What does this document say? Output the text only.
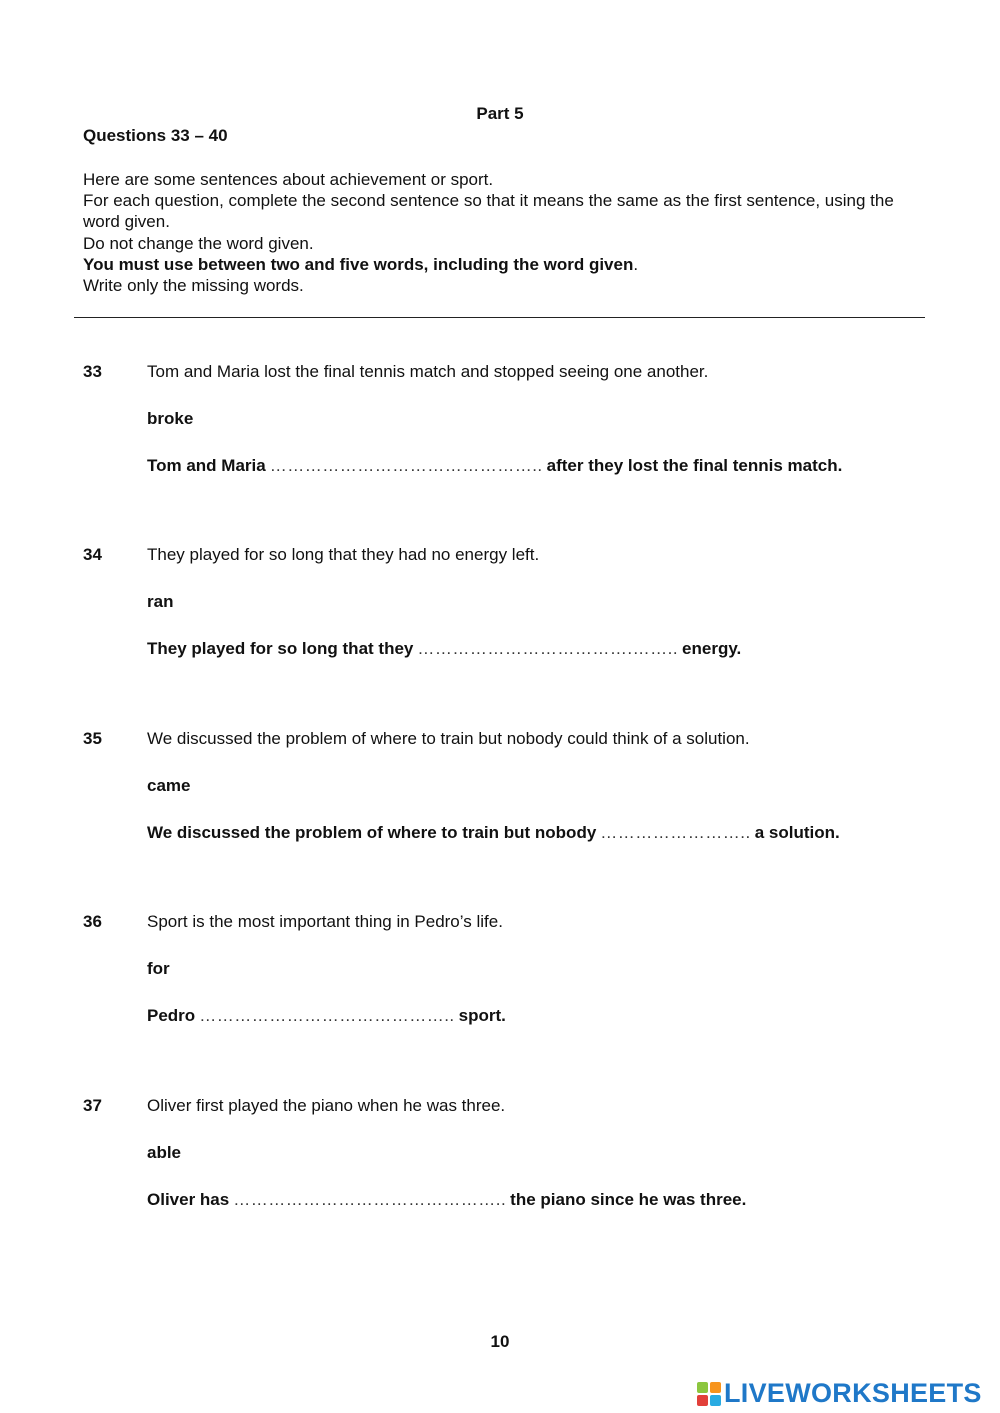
Part 5
Questions 33 – 40
Here are some sentences about achievement or sport.
For each question, complete the second sentence so that it means the same as the first sentence, using the word given.
Do not change the word given.
You must use between two and five words, including the word given.
Write only the missing words.
33	Tom and Maria lost the final tennis match and stopped seeing one another.
broke
Tom and Maria ……………………………………….. after they lost the final tennis match.
34	They played for so long that they had no energy left.
ran
They played for so long that they ……………………………….…….. energy.
35	We discussed the problem of where to train but nobody could think of a solution.
came
We discussed the problem of where to train but nobody …………………….. a solution.
36	Sport is the most important thing in Pedro’s life.
for
Pedro …………………………………….. sport.
37	Oliver first played the piano when he was three.
able
Oliver has ……………………………………….. the piano since he was three.
10
LIVEWORKSHEETS
